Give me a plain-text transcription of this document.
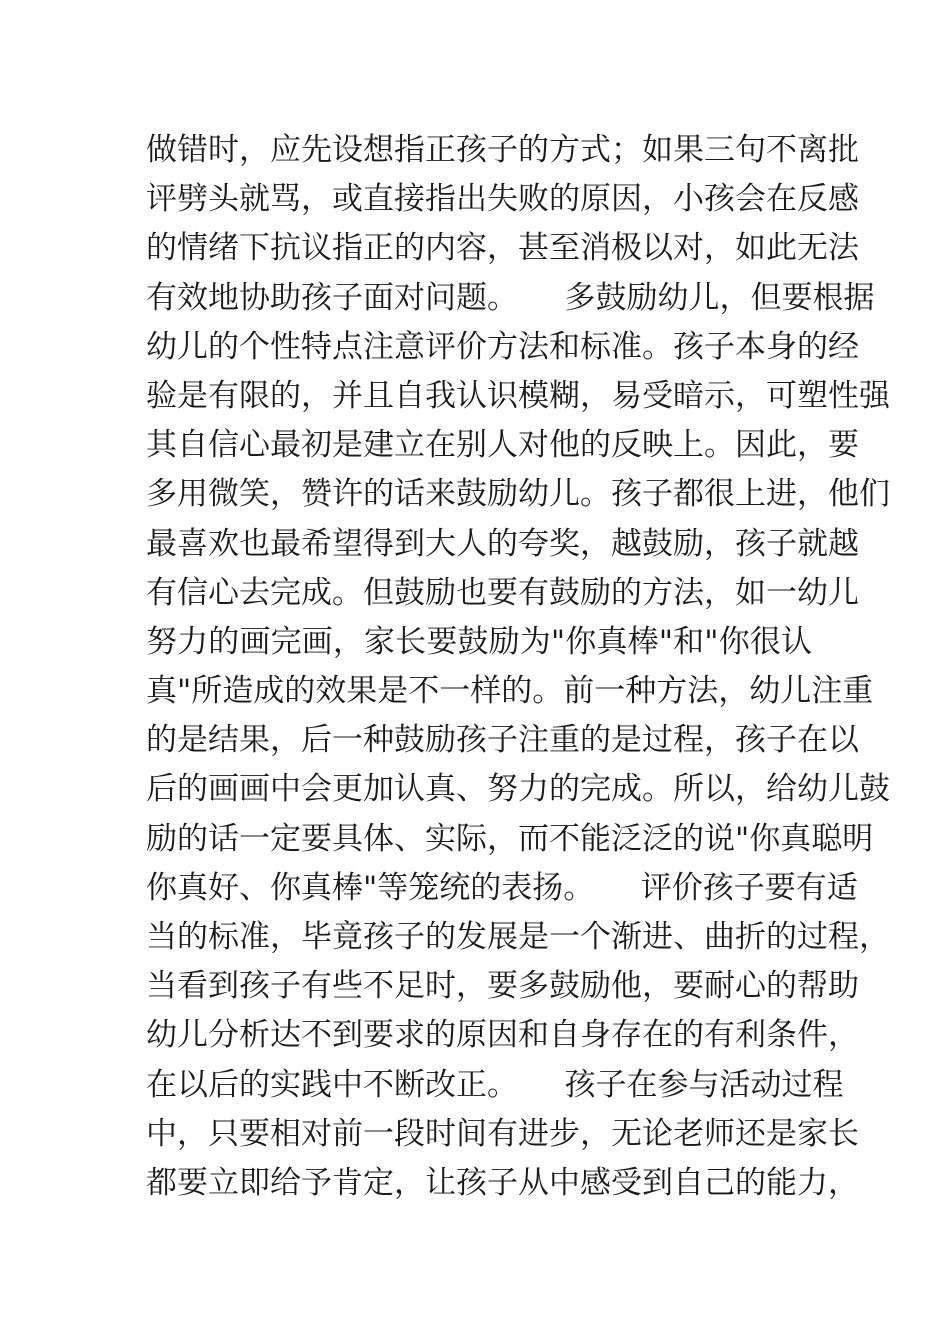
做错时，应先设想指正孩子的方式；如果三句不离批
评劈头就骂，或直接指出失败的原因，小孩会在反感
的情绪下抗议指正的内容，甚至消极以对，如此无法
有效地协助孩子面对问题。　　多鼓励幼儿，但要根据
幼儿的个性特点注意评价方法和标准。孩子本身的经
验是有限的，并且自我认识模糊，易受暗示，可塑性强
其自信心最初是建立在别人对他的反映上。因此，要
多用微笑，赞许的话来鼓励幼儿。孩子都很上进，他们
最喜欢也最希望得到大人的夸奖，越鼓励，孩子就越
有信心去完成。但鼓励也要有鼓励的方法，如一幼儿
努力的画完画，家长要鼓励为"你真棒"和"你很认
真"所造成的效果是不一样的。前一种方法，幼儿注重
的是结果，后一种鼓励孩子注重的是过程，孩子在以
后的画画中会更加认真、努力的完成。所以，给幼儿鼓
励的话一定要具体、实际，而不能泛泛的说"你真聪明
你真好、你真棒"等笼统的表扬。　　评价孩子要有适
当的标准，毕竟孩子的发展是一个渐进、曲折的过程，
当看到孩子有些不足时，要多鼓励他，要耐心的帮助
幼儿分析达不到要求的原因和自身存在的有利条件，
在以后的实践中不断改正。　　孩子在参与活动过程
中，只要相对前一段时间有进步，无论老师还是家长
都要立即给予肯定，让孩子从中感受到自己的能力，
